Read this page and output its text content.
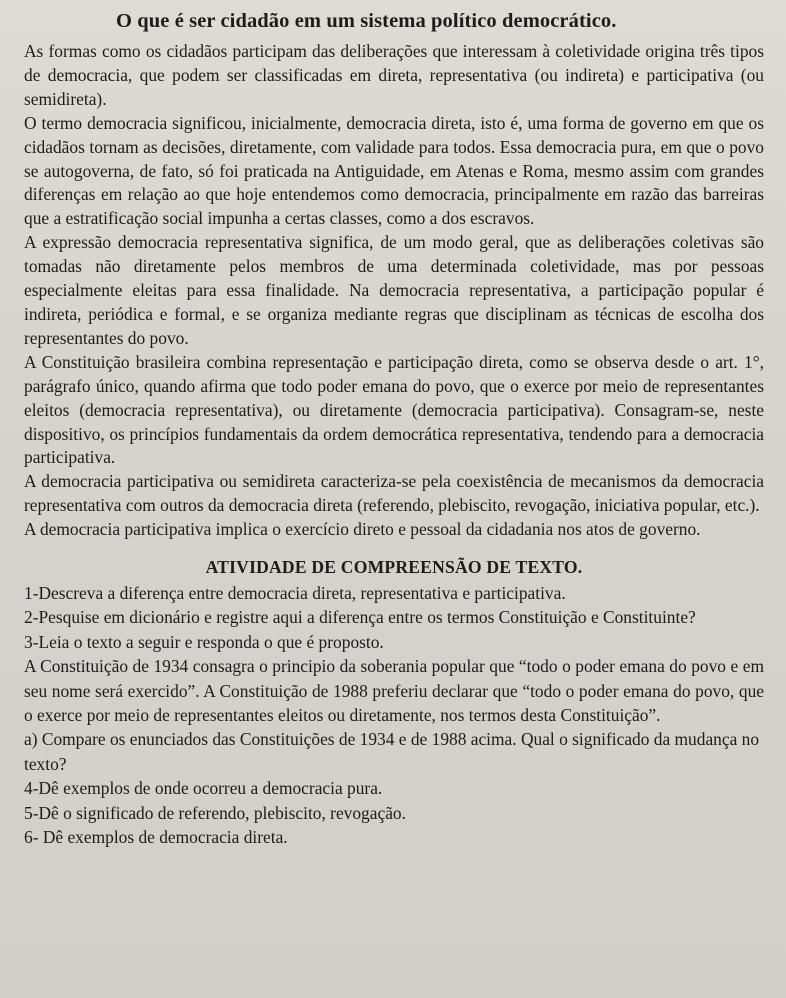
O que é ser cidadão em um sistema político democrático.

As formas como os cidadãos participam das deliberações que interessam à coletividade origina três tipos de democracia, que podem ser classificadas em direta, representativa (ou indireta) e participativa (ou semidireta).

O termo democracia significou, inicialmente, democracia direta, isto é, uma forma de governo em que os cidadãos tornam as decisões, diretamente, com validade para todos. Essa democracia pura, em que o povo se autogoverna, de fato, só foi praticada na Antiguidade, em Atenas e Roma, mesmo assim com grandes diferenças em relação ao que hoje entendemos como democracia, principalmente em razão das barreiras que a estratificação social impunha a certas classes, como a dos escravos.

A expressão democracia representativa significa, de um modo geral, que as deliberações coletivas são tomadas não diretamente pelos membros de uma determinada coletividade, mas por pessoas especialmente eleitas para essa finalidade. Na democracia representativa, a participação popular é indireta, periódica e formal, e se organiza mediante regras que disciplinam as técnicas de escolha dos representantes do povo.

A Constituição brasileira combina representação e participação direta, como se observa desde o art. 1°, parágrafo único, quando afirma que todo poder emana do povo, que o exerce por meio de representantes eleitos (democracia representativa), ou diretamente (democracia participativa). Consagram-se, neste dispositivo, os princípios fundamentais da ordem democrática representativa, tendendo para a democracia participativa.

A democracia participativa ou semidireta caracteriza-se pela coexistência de mecanismos da democracia representativa com outros da democracia direta (referendo, plebiscito, revogação, iniciativa popular, etc.).

A democracia participativa implica o exercício direto e pessoal da cidadania nos atos de governo.

ATIVIDADE DE COMPREENSÃO DE TEXTO.

1-Descreva a diferença entre democracia direta, representativa e participativa.

2-Pesquise em dicionário e registre aqui a diferença entre os termos Constituição e Constituinte?

3-Leia o texto a seguir e responda o que é proposto.

A Constituição de 1934 consagra o principio da soberania popular que “todo o poder emana do povo e em seu nome será exercido”. A Constituição de 1988 preferiu declarar que “todo o poder emana do povo, que o exerce por meio de representantes eleitos ou diretamente, nos termos desta Constituição”.

a) Compare os enunciados das Constituições de 1934 e de 1988 acima. Qual o significado da mudança no texto?

4-Dê exemplos de onde ocorreu a democracia pura.

5-Dê o significado de referendo, plebiscito, revogação.

6- Dê exemplos de democracia direta.
